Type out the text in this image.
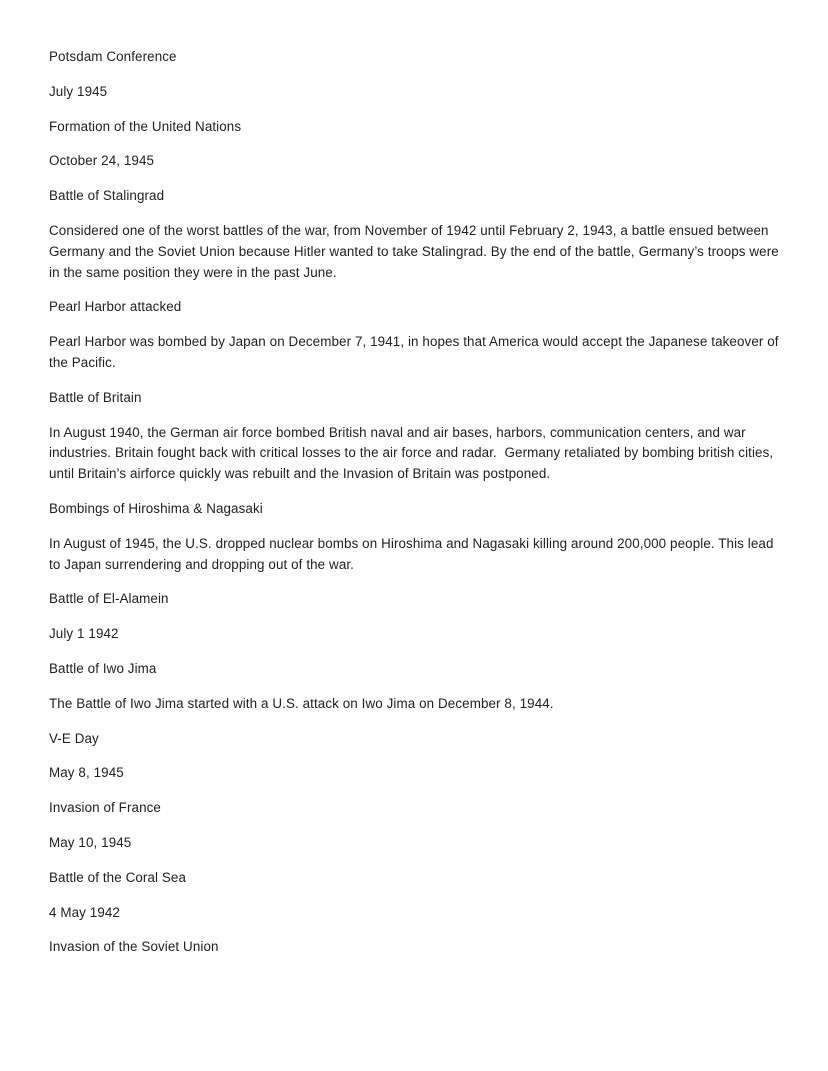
Potsdam Conference

July 1945

Formation of the United Nations

October 24, 1945

Battle of Stalingrad

Considered one of the worst battles of the war, from November of 1942 until February 2, 1943, a battle ensued between Germany and the Soviet Union because Hitler wanted to take Stalingrad. By the end of the battle, Germany’s troops were in the same position they were in the past June.

Pearl Harbor attacked

Pearl Harbor was bombed by Japan on December 7, 1941, in hopes that America would accept the Japanese takeover of the Pacific.

Battle of Britain

In August 1940, the German air force bombed British naval and air bases, harbors, communication centers, and war industries. Britain fought back with critical losses to the air force and radar.  Germany retaliated by bombing british cities, until Britain’s airforce quickly was rebuilt and the Invasion of Britain was postponed.

Bombings of Hiroshima & Nagasaki

In August of 1945, the U.S. dropped nuclear bombs on Hiroshima and Nagasaki killing around 200,000 people. This lead to Japan surrendering and dropping out of the war.

Battle of El-Alamein

July 1 1942

Battle of Iwo Jima

The Battle of Iwo Jima started with a U.S. attack on Iwo Jima on December 8, 1944.

V-E Day

May 8, 1945

Invasion of France

May 10, 1945

Battle of the Coral Sea

4 May 1942

Invasion of the Soviet Union
